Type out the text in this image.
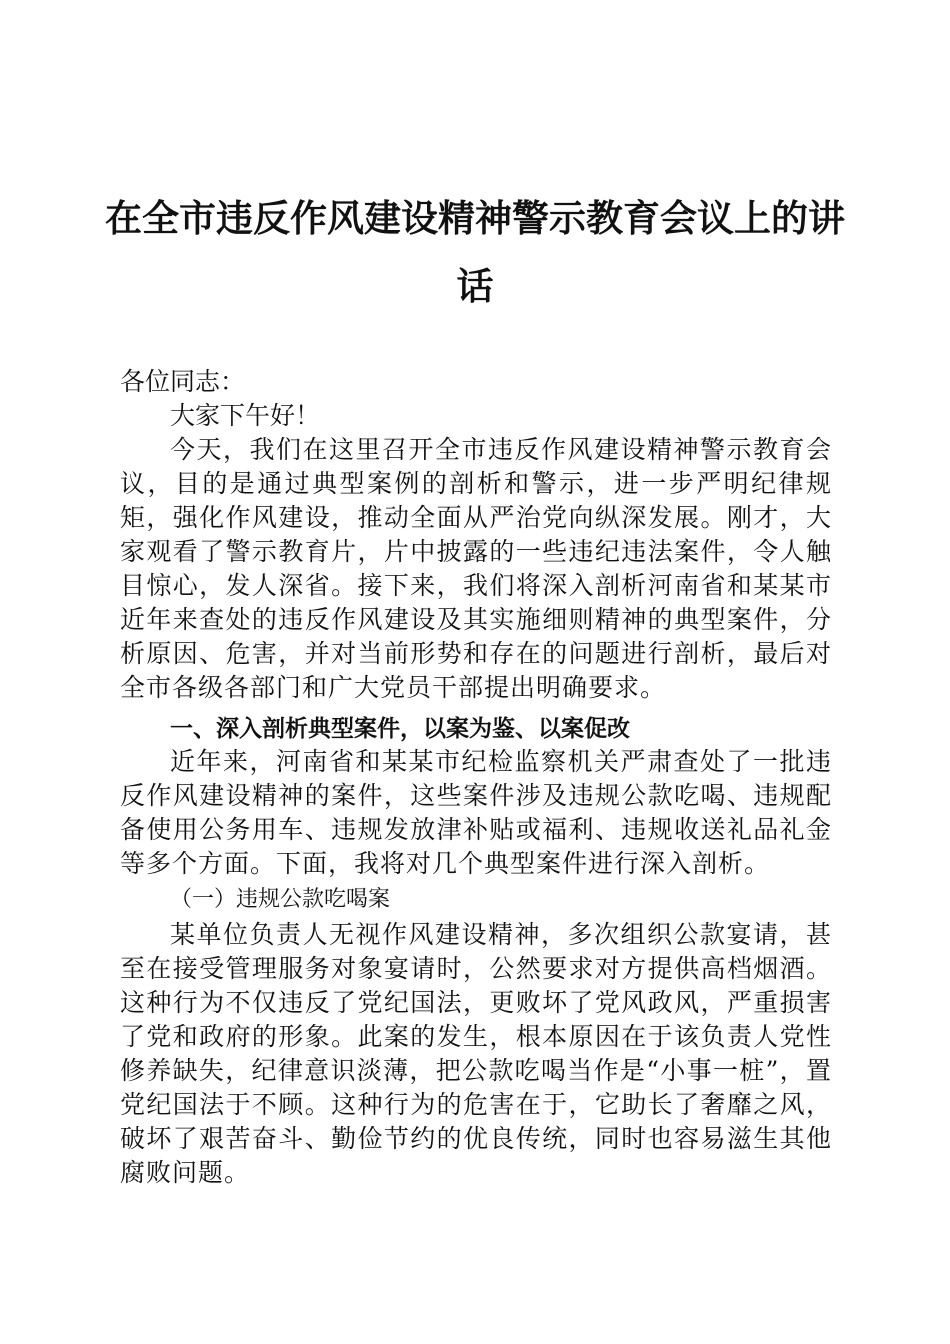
在全市违反作风建设精神警示教育会议上的讲
话
各位同志：
大家下午好！

今天，我们在这里召开全市违反作风建设精神警示教育会议，目的是通过典型案例的剖析和警示，进一步严明纪律规矩，强化作风建设，推动全面从严治党向纵深发展。刚才，大家观看了警示教育片，片中披露的一些违纪违法案件，令人触目惊心，发人深省。接下来，我们将深入剖析河南省和某某市近年来查处的违反作风建设及其实施细则精神的典型案件，分析原因、危害，并对当前形势和存在的问题进行剖析，最后对全市各级各部门和广大党员干部提出明确要求。

一、深入剖析典型案件，以案为鉴、以案促改

近年来，河南省和某某市纪检监察机关严肃查处了一批违反作风建设精神的案件，这些案件涉及违规公款吃喝、违规配备使用公务用车、违规发放津补贴或福利、违规收送礼品礼金等多个方面。下面，我将对几个典型案件进行深入剖析。

（一）违规公款吃喝案

某单位负责人无视作风建设精神，多次组织公款宴请，甚至在接受管理服务对象宴请时，公然要求对方提供高档烟酒。这种行为不仅违反了党纪国法，更败坏了党风政风，严重损害了党和政府的形象。此案的发生，根本原因在于该负责人党性修养缺失，纪律意识淡薄，把公款吃喝当作是“小事一桩”，置党纪国法于不顾。这种行为的危害在于，它助长了奢靡之风，破坏了艰苦奋斗、勤俭节约的优良传统，同时也容易滋生其他腐败问题。
